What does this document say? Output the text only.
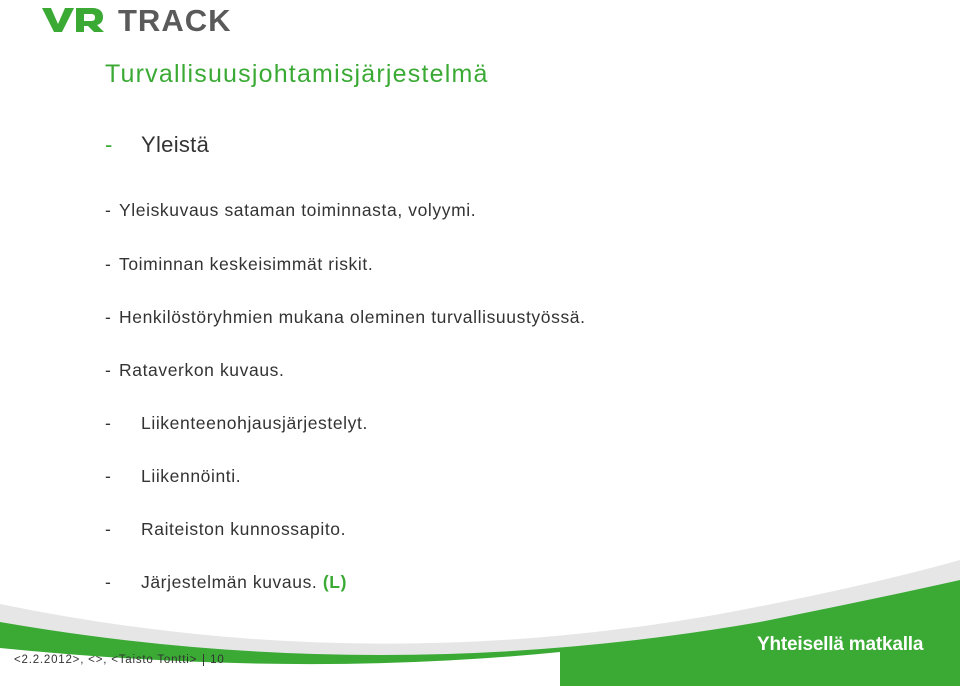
TRACK
Turvallisuusjohtamisjärjestelmä
- Yleistä
- Yleiskuvaus sataman toiminnasta, volyymi.
- Toiminnan keskeisimmät riskit.
- Henkilöstöryhmien mukana oleminen turvallisuustyössä.
- Rataverkon kuvaus.
- Liikenteenohjausjärjestelyt.
- Liikennöinti.
- Raiteiston kunnossapito.
- Järjestelmän kuvaus. (L)
Yhteisellä matkalla
<2.2.2012>, <>, <Taisto Tontti> 10
